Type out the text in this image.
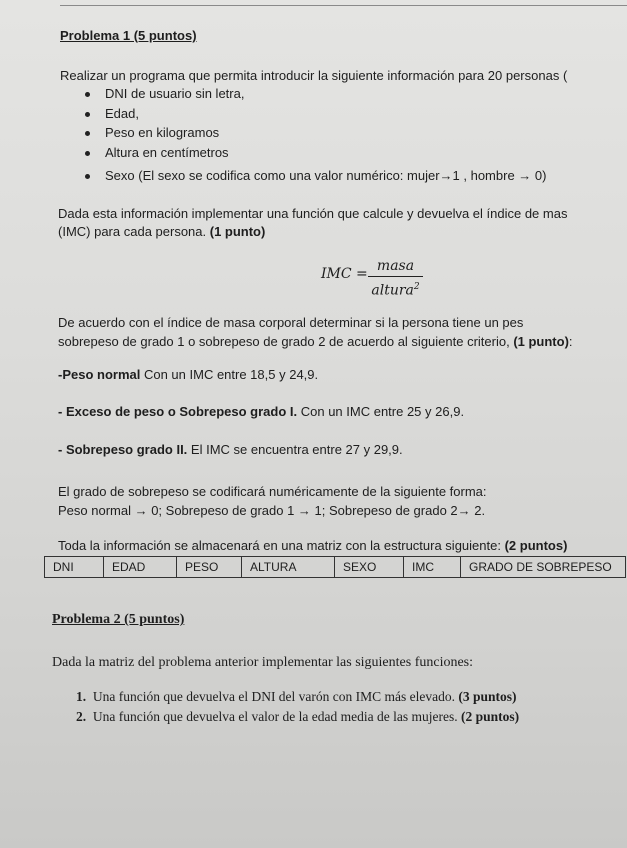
Problema 1 (5 puntos)
Realizar un programa que permita introducir la siguiente información para 20 personas (
DNI de usuario sin letra,
Edad,
Peso en kilogramos
Altura en centímetros
Sexo (El sexo se codifica como una valor numérico: mujer→1 , hombre → 0)
Dada esta información implementar una función que calcule y devuelva el índice de mas
(IMC) para cada persona. (1 punto)
IMC = masa
altura$^2$
De acuerdo con el índice de masa corporal determinar si la persona tiene un pes
sobrepeso de grado 1 o sobrepeso de grado 2 de acuerdo al siguiente criterio, (1 punto):
-Peso normal Con un IMC entre 18,5 y 24,9.
- Exceso de peso o Sobrepeso grado I. Con un IMC entre 25 y 26,9.
- Sobrepeso grado II. El IMC se encuentra entre 27 y 29,9.
El grado de sobrepeso se codificará numéricamente de la siguiente forma:
Peso normal → 0; Sobrepeso de grado 1 → 1; Sobrepeso de grado 2→ 2.
Toda la información se almacenará en una matriz con la estructura siguiente: (2 puntos)
DNI	EDAD	PESO	ALTURA	SEXO	IMC	GRADO DE SOBREPESO
Problema 2 (5 puntos)
Dada la matriz del problema anterior implementar las siguientes funciones:
1. Una función que devuelva el DNI del varón con IMC más elevado. (3 puntos)
2. Una función que devuelva el valor de la edad media de las mujeres. (2 puntos)
